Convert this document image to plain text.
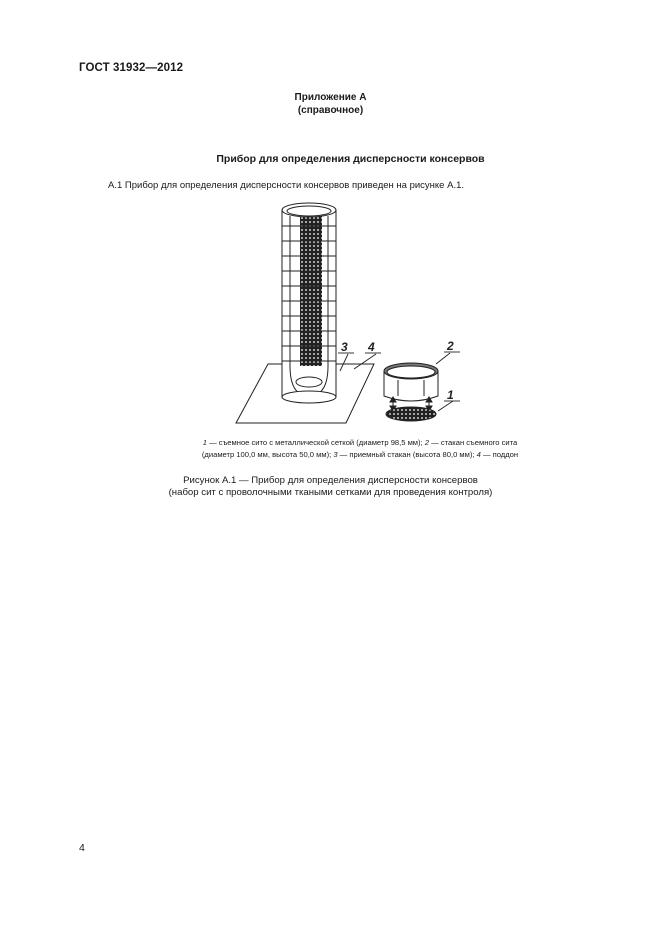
ГОСТ 31932—2012
Приложение А
(справочное)
Прибор для определения дисперсности консервов
А.1 Прибор для определения дисперсности консервов приведен на рисунке А.1.
3 4	2
1
1 — съемное сито с металлической сеткой (диаметр 98,5 мм); 2 — стакан съемного сита
(диаметр 100,0 мм, высота 50,0 мм); 3 — приемный стакан (высота 80,0 мм); 4 — поддон
Рисунок А.1 — Прибор для определения дисперсности консервов
(набор сит с проволочными ткаными сетками для проведения контроля)
4
